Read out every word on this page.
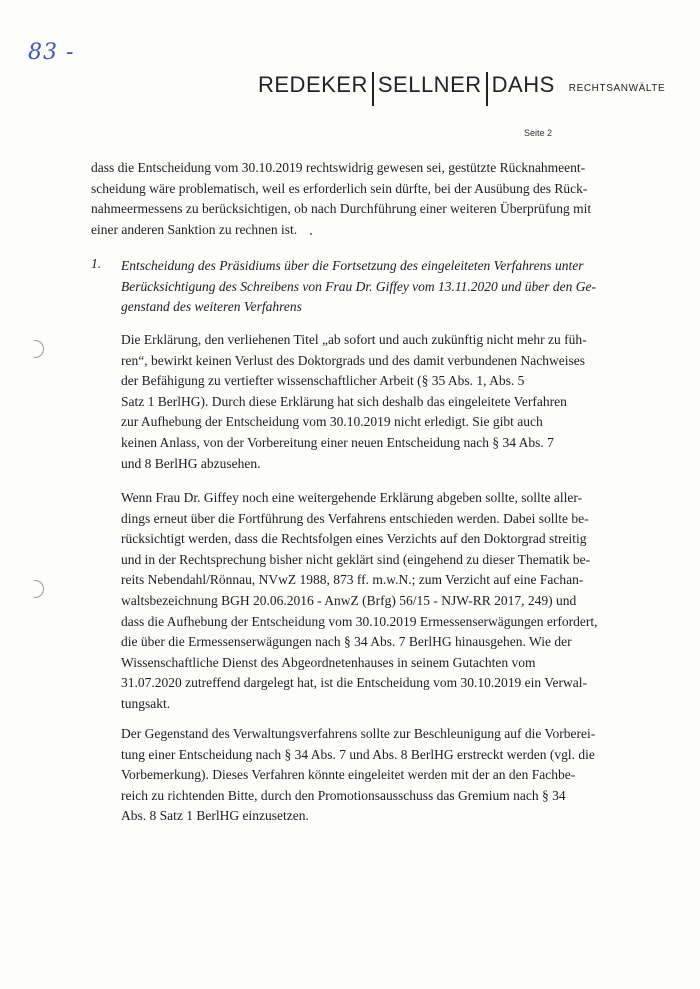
83 -
REDEKER SELLNER DAHS RECHTSANWÄLTE
Seite 2

dass die Entscheidung vom 30.10.2019 rechtswidrig gewesen sei, gestützte Rücknahmeent-
scheidung wäre problematisch, weil es erforderlich sein dürfte, bei der Ausübung des Rück-
nahmeermessens zu berücksichtigen, ob nach Durchführung einer weiteren Überprüfung mit
einer anderen Sanktion zu rechnen ist.

1. Entscheidung des Präsidiums über die Fortsetzung des eingeleiteten Verfahrens unter
Berücksichtigung des Schreibens von Frau Dr. Giffey vom 13.11.2020 und über den Ge-
genstand des weiteren Verfahrens

Die Erklärung, den verliehenen Titel „ab sofort und auch zukünftig nicht mehr zu füh-
ren“, bewirkt keinen Verlust des Doktorgrads und des damit verbundenen Nachweises
der Befähigung zu vertiefter wissenschaftlicher Arbeit (§ 35 Abs. 1, Abs. 5
Satz 1 BerlHG). Durch diese Erklärung hat sich deshalb das eingeleitete Verfahren
zur Aufhebung der Entscheidung vom 30.10.2019 nicht erledigt. Sie gibt auch
keinen Anlass, von der Vorbereitung einer neuen Entscheidung nach § 34 Abs. 7
und 8 BerlHG abzusehen.

Wenn Frau Dr. Giffey noch eine weitergehende Erklärung abgeben sollte, sollte aller-
dings erneut über die Fortführung des Verfahrens entschieden werden. Dabei sollte be-
rücksichtigt werden, dass die Rechtsfolgen eines Verzichts auf den Doktorgrad streitig
und in der Rechtsprechung bisher nicht geklärt sind (eingehend zu dieser Thematik be-
reits Nebendahl/Rönnau, NVwZ 1988, 873 ff. m.w.N.; zum Verzicht auf eine Fachan-
waltsbezeichnung BGH 20.06.2016 - AnwZ (Brfg) 56/15 - NJW-RR 2017, 249) und
dass die Aufhebung der Entscheidung vom 30.10.2019 Ermessenserwägungen erfordert,
die über die Ermessenserwägungen nach § 34 Abs. 7 BerlHG hinausgehen. Wie der
Wissenschaftliche Dienst des Abgeordnetenhauses in seinem Gutachten vom
31.07.2020 zutreffend dargelegt hat, ist die Entscheidung vom 30.10.2019 ein Verwal-
tungsakt.

Der Gegenstand des Verwaltungsverfahrens sollte zur Beschleunigung auf die Vorberei-
tung einer Entscheidung nach § 34 Abs. 7 und Abs. 8 BerlHG erstreckt werden (vgl. die
Vorbemerkung). Dieses Verfahren könnte eingeleitet werden mit der an den Fachbe-
reich zu richtenden Bitte, durch den Promotionsausschuss das Gremium nach § 34
Abs. 8 Satz 1 BerlHG einzusetzen.
